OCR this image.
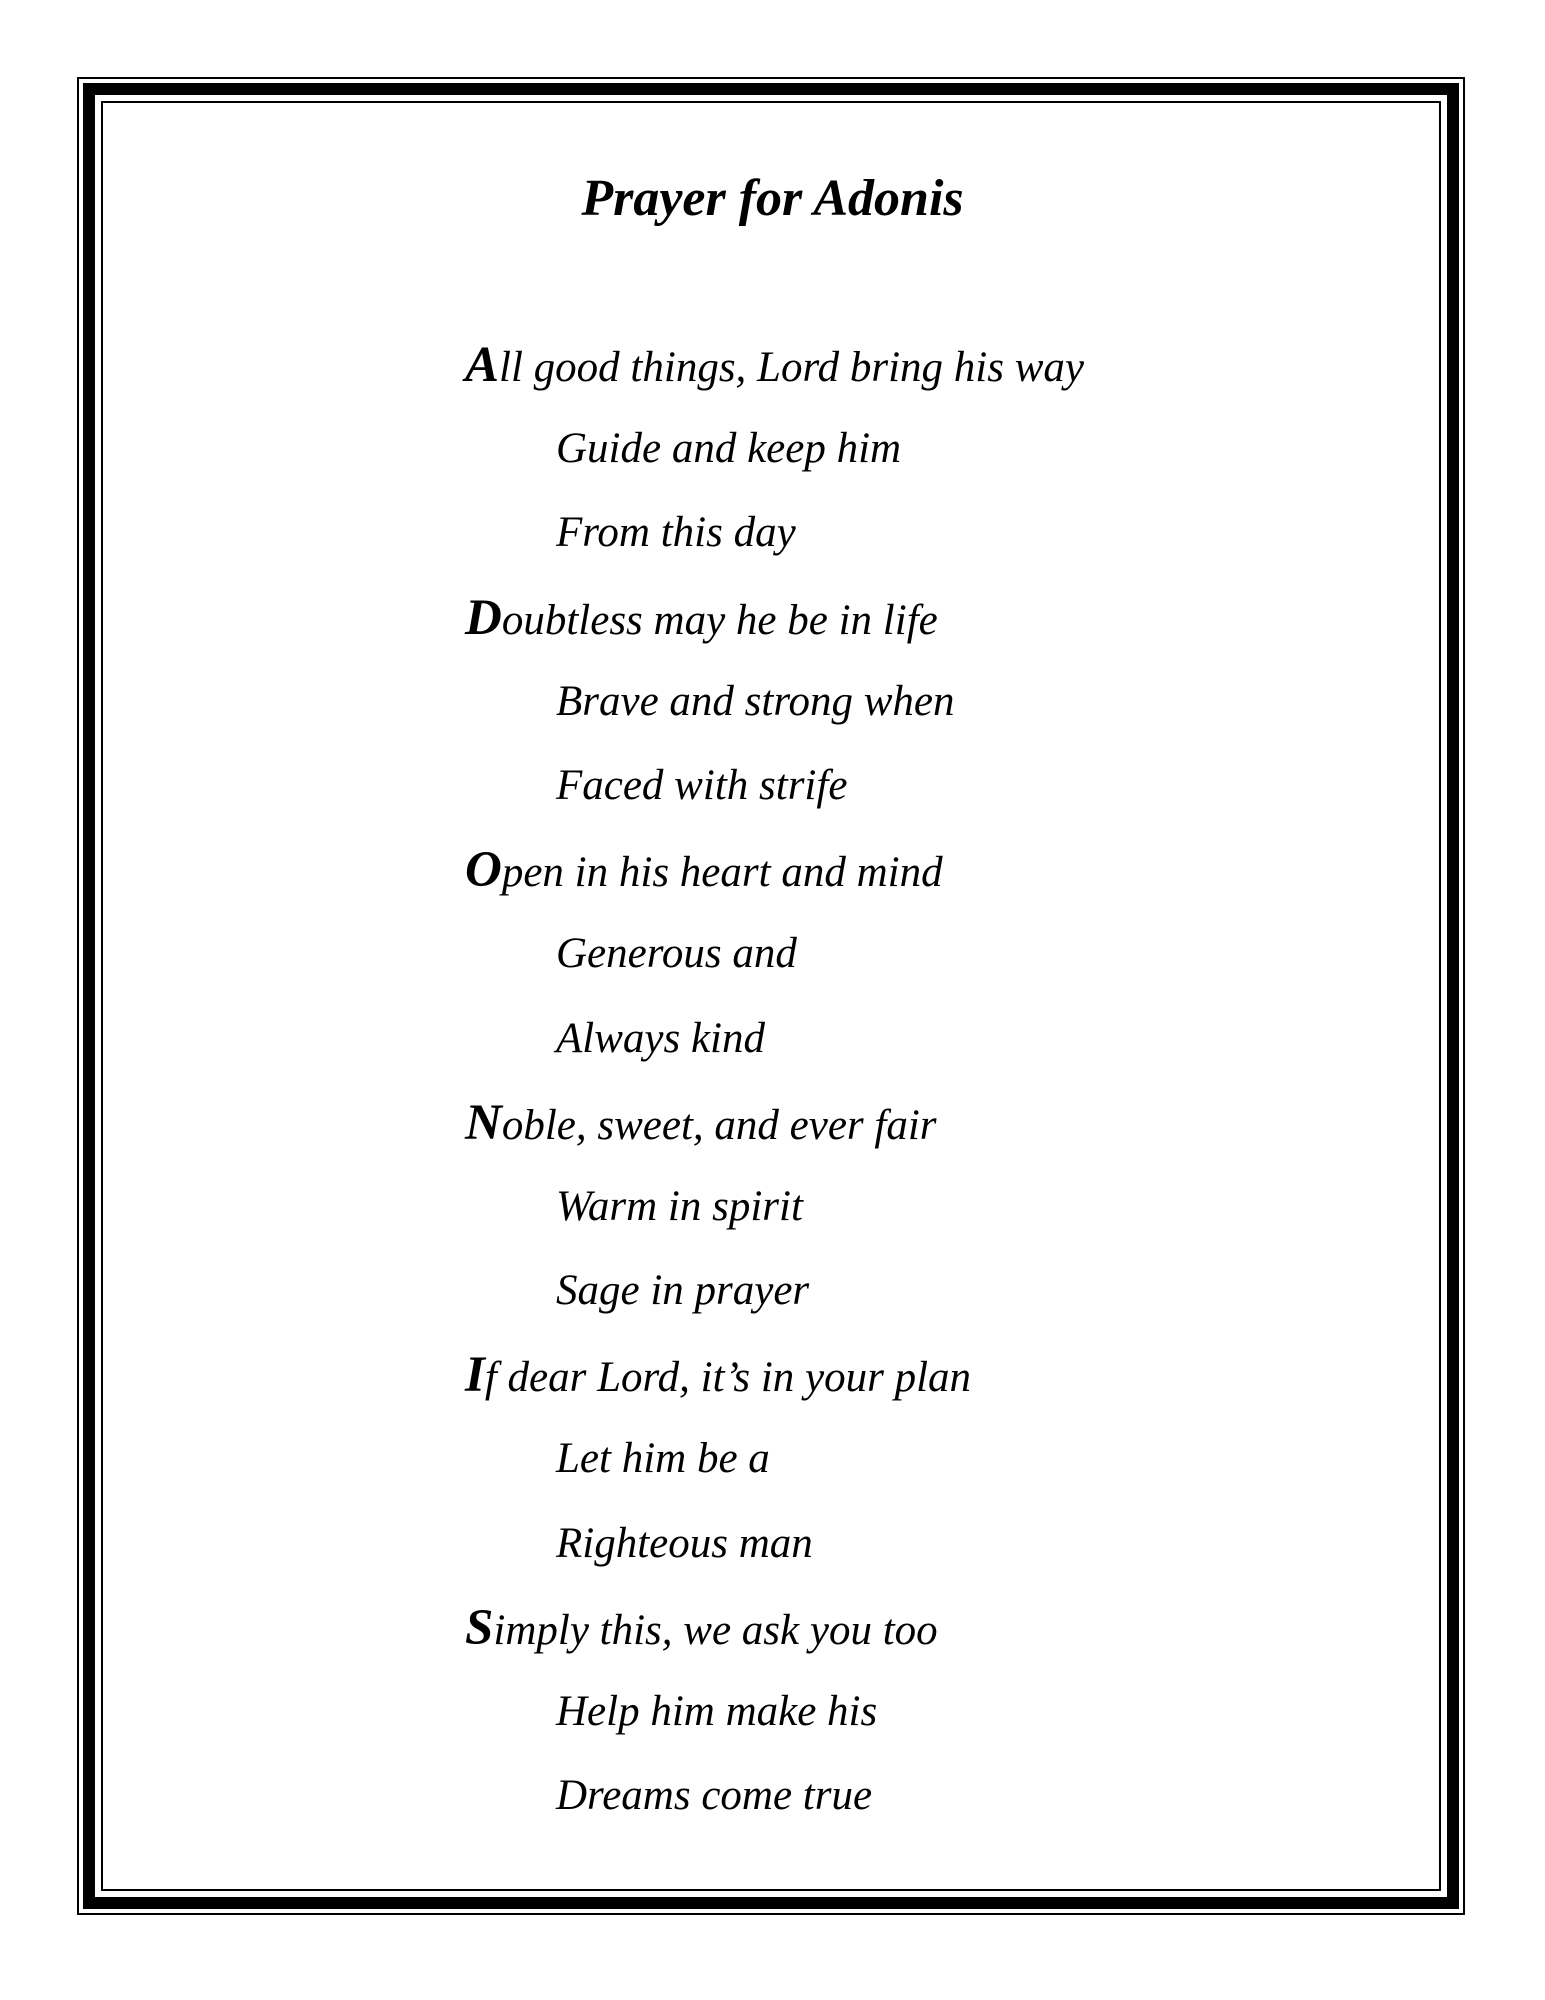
Prayer for Adonis
All good things, Lord bring his way
Guide and keep him
From this day
Doubtless may he be in life
Brave and strong when
Faced with strife
Open in his heart and mind
Generous and
Always kind
Noble, sweet, and ever fair
Warm in spirit
Sage in prayer
If dear Lord, it’s in your plan
Let him be a
Righteous man
Simply this, we ask you too
Help him make his
Dreams come true
